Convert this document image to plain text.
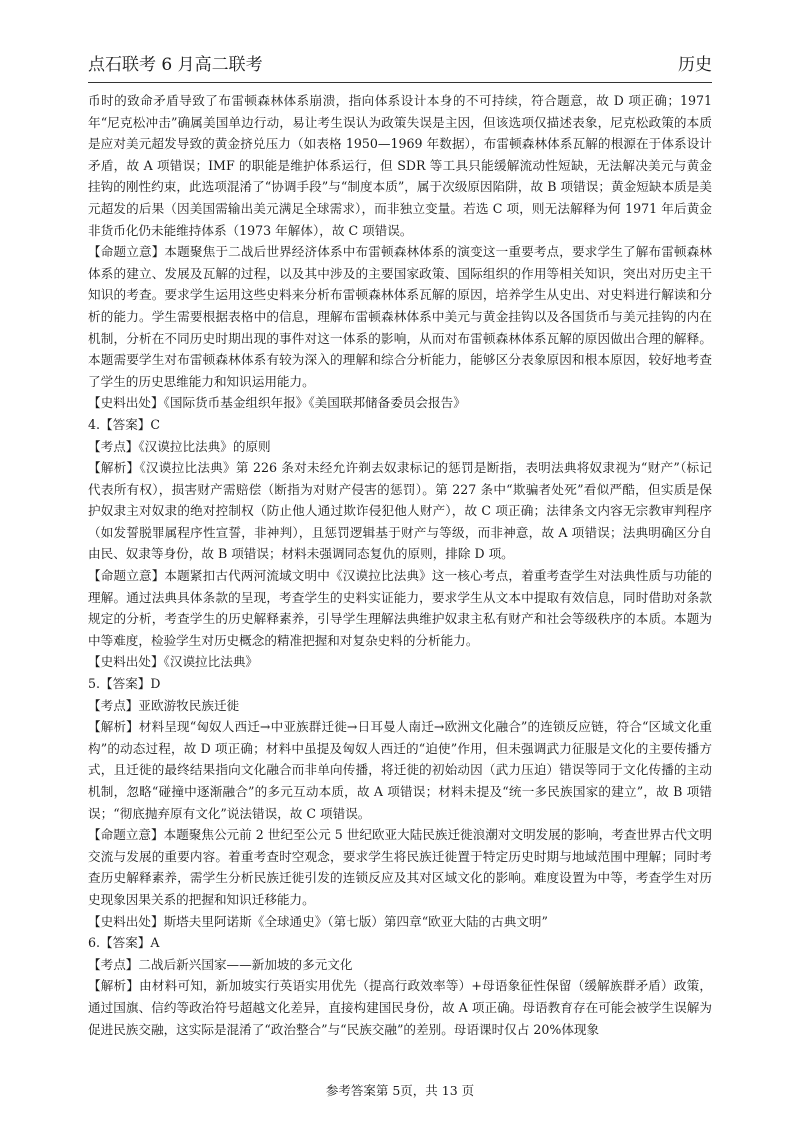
点石联考 6 月高二联考	历史

币时的致命矛盾导致了布雷顿森林体系崩溃，指向体系设计本身的不可持续，符合题意，故 D 项正确；1971 年“尼克松冲击”确属美国单边行动，易让考生误认为政策失误是主因，但该选项仅描述表象，尼克松政策的本质是应对美元超发导致的黄金挤兑压力（如表格 1950—1969 年数据），布雷顿森林体系瓦解的根源在于体系设计矛盾，故 A 项错误；IMF 的职能是维护体系运行，但 SDR 等工具只能缓解流动性短缺，无法解决美元与黄金挂钩的刚性约束，此选项混淆了“协调手段”与“制度本质”，属于次级原因陷阱，故 B 项错误；黄金短缺本质是美元超发的后果（因美国需输出美元满足全球需求），而非独立变量。若选 C 项，则无法解释为何 1971 年后黄金非货币化仍未能维持体系（1973 年解体），故 C 项错误。

【命题立意】本题聚焦于二战后世界经济体系中布雷顿森林体系的演变这一重要考点，要求学生了解布雷顿森林体系的建立、发展及瓦解的过程，以及其中涉及的主要国家政策、国际组织的作用等相关知识，突出对历史主干知识的考查。要求学生运用这些史料来分析布雷顿森林体系瓦解的原因，培养学生从史出、对史料进行解读和分析的能力。学生需要根据表格中的信息，理解布雷顿森林体系中美元与黄金挂钩以及各国货币与美元挂钩的内在机制，分析在不同历史时期出现的事件对这一体系的影响，从而对布雷顿森林体系瓦解的原因做出合理的解释。本题需要学生对布雷顿森林体系有较为深入的理解和综合分析能力，能够区分表象原因和根本原因，较好地考查了学生的历史思维能力和知识运用能力。

【史料出处】《国际货币基金组织年报》《美国联邦储备委员会报告》

4.【答案】C

【考点】《汉谟拉比法典》的原则

【解析】《汉谟拉比法典》第 226 条对未经允许剃去奴隶标记的惩罚是断指，表明法典将奴隶视为“财产”（标记代表所有权），损害财产需赔偿（断指为对财产侵害的惩罚）。第 227 条中“欺骗者处死”看似严酷，但实质是保护奴隶主对奴隶的绝对控制权（防止他人通过欺诈侵犯他人财产），故 C 项正确；法律条文内容无宗教审判程序（如发誓脱罪属程序性宣誓，非神判），且惩罚逻辑基于财产与等级，而非神意，故 A 项错误；法典明确区分自由民、奴隶等身份，故 B 项错误；材料未强调同态复仇的原则，排除 D 项。

【命题立意】本题紧扣古代两河流域文明中《汉谟拉比法典》这一核心考点，着重考查学生对法典性质与功能的理解。通过法典具体条款的呈现，考查学生的史料实证能力，要求学生从文本中提取有效信息，同时借助对条款规定的分析，考查学生的历史解释素养，引导学生理解法典维护奴隶主私有财产和社会等级秩序的本质。本题为中等难度，检验学生对历史概念的精准把握和对复杂史料的分析能力。

【史料出处】《汉谟拉比法典》

5.【答案】D

【考点】亚欧游牧民族迁徙

【解析】材料呈现“匈奴人西迁→中亚族群迁徙→日耳曼人南迁→欧洲文化融合”的连锁反应链，符合“区域文化重构”的动态过程，故 D 项正确；材料中虽提及匈奴人西迁的“迫使”作用，但未强调武力征服是文化的主要传播方式，且迁徙的最终结果指向文化融合而非单向传播，将迁徙的初始动因（武力压迫）错误等同于文化传播的主动机制，忽略“碰撞中逐渐融合”的多元互动本质，故 A 项错误；材料未提及“统一多民族国家的建立”，故 B 项错误；“彻底抛弃原有文化”说法错误，故 C 项错误。

【命题立意】本题聚焦公元前 2 世纪至公元 5 世纪欧亚大陆民族迁徙浪潮对文明发展的影响，考查世界古代文明交流与发展的重要内容。着重考查时空观念，要求学生将民族迁徙置于特定历史时期与地域范围中理解；同时考查历史解释素养，需学生分析民族迁徙引发的连锁反应及其对区域文化的影响。难度设置为中等，考查学生对历史现象因果关系的把握和知识迁移能力。

【史料出处】斯塔夫里阿诺斯《全球通史》（第七版）第四章“欧亚大陆的古典文明”

6.【答案】A

【考点】二战后新兴国家——新加坡的多元文化

【解析】由材料可知，新加坡实行英语实用优先（提高行政效率等）+母语象征性保留（缓解族群矛盾）政策，通过国旗、信约等政治符号超越文化差异，直接构建国民身份，故 A 项正确。母语教育存在可能会被学生误解为促进民族交融，这实际是混淆了“政治整合”与“民族交融”的差别。母语课时仅占 20%体现象

参考答案第 5页，共 13 页
